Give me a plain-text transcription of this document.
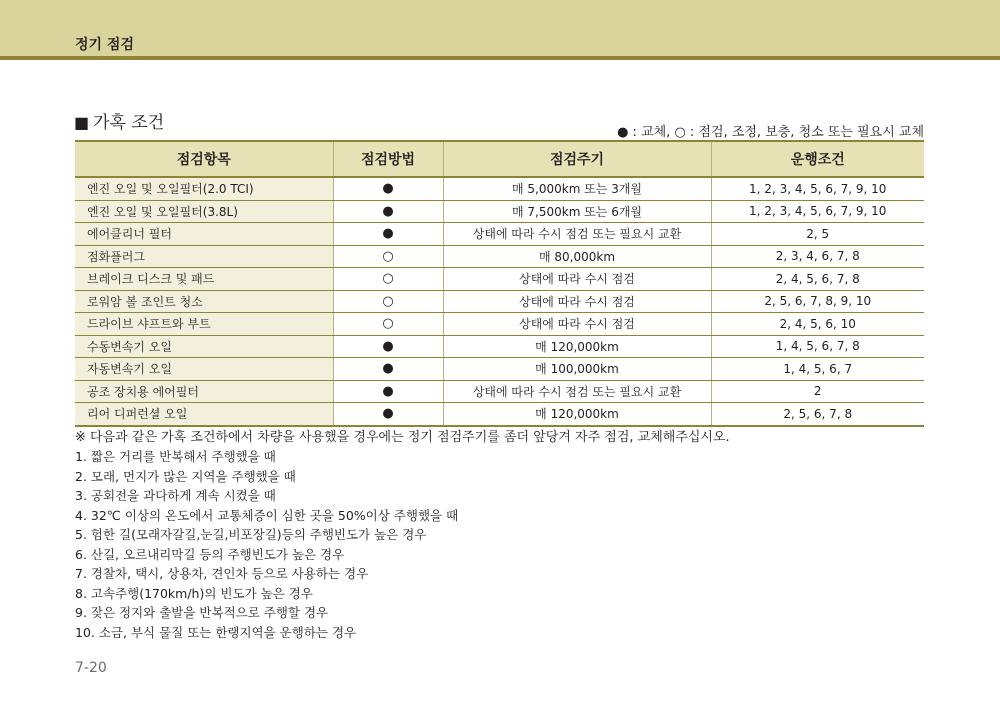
정기 점검
■ 가혹 조건	● : 교체, ○ : 점검, 조정, 보충, 청소 또는 필요시 교체
점검항목	점검방법	점검주기	운행조건
엔진 오일 및 오일필터(2.0 TCI)	●	매 5,000km 또는 3개월	1, 2, 3, 4, 5, 6, 7, 9, 10
엔진 오일 및 오일필터(3.8L)	●	매 7,500km 또는 6개월	1, 2, 3, 4, 5, 6, 7, 9, 10
에어클리너 필터	●	상태에 따라 수시 점검 또는 필요시 교환	2, 5
점화플러그	○	매 80,000km	2, 3, 4, 6, 7, 8
브레이크 디스크 및 패드	○	상태에 따라 수시 점검	2, 4, 5, 6, 7, 8
로워암 볼 조인트 청소	○	상태에 따라 수시 점검	2, 5, 6, 7, 8, 9, 10
드라이브 샤프트와 부트	○	상태에 따라 수시 점검	2, 4, 5, 6, 10
수동변속기 오일	●	매 120,000km	1, 4, 5, 6, 7, 8
자동변속기 오일	●	매 100,000km	1, 4, 5, 6, 7
공조 장치용 에어필터	●	상태에 따라 수시 점검 또는 필요시 교환	2
리어 디퍼런셜 오일	●	매 120,000km	2, 5, 6, 7, 8
※ 다음과 같은 가혹 조건하에서 차량을 사용했을 경우에는 정기 점검주기를 좀더 앞당겨 자주 점검, 교체해주십시오.
1. 짧은 거리를 반복해서 주행했을 때
2. 모래, 먼지가 많은 지역을 주행했을 때
3. 공회전을 과다하게 계속 시켰을 때
4. 32℃ 이상의 온도에서 교통체증이 심한 곳을 50%이상 주행했을 때
5. 험한 길(모래자갈길,눈길,비포장길)등의 주행빈도가 높은 경우
6. 산길, 오르내리막길 등의 주행빈도가 높은 경우
7. 경찰차, 택시, 상용차, 견인차 등으로 사용하는 경우
8. 고속주행(170km/h)의 빈도가 높은 경우
9. 잦은 정지와 출발을 반복적으로 주행할 경우
10. 소금, 부식 물질 또는 한랭지역을 운행하는 경우
7-20
